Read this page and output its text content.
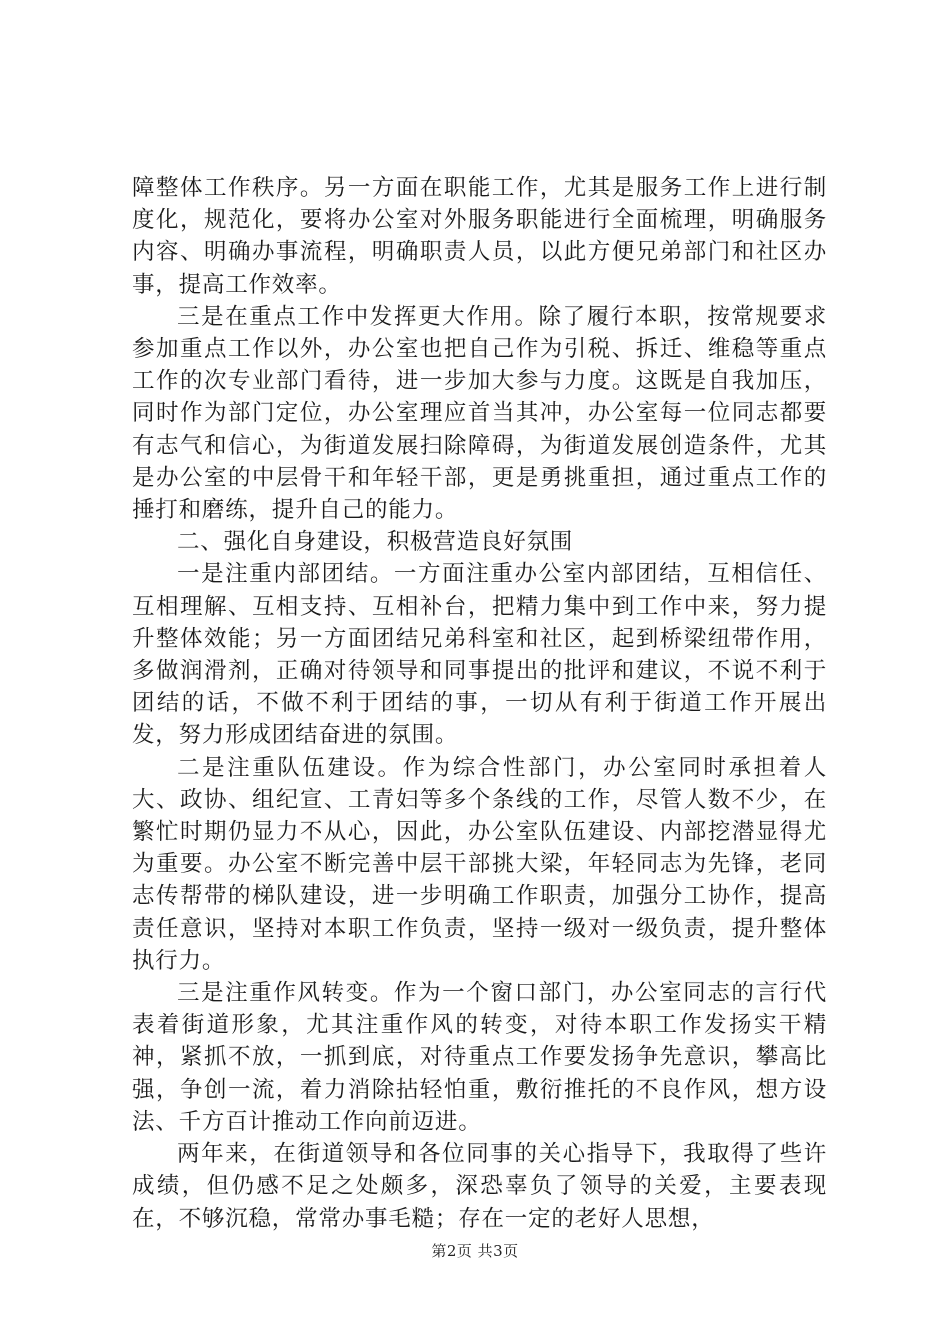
障整体工作秩序。另一方面在职能工作，尤其是服务工作上进行制度化，规范化，要将办公室对外服务职能进行全面梳理，明确服务内容、明确办事流程，明确职责人员，以此方便兄弟部门和社区办事，提高工作效率。

三是在重点工作中发挥更大作用。除了履行本职，按常规要求参加重点工作以外，办公室也把自己作为引税、拆迁、维稳等重点工作的次专业部门看待，进一步加大参与力度。这既是自我加压，同时作为部门定位，办公室理应首当其冲，办公室每一位同志都要有志气和信心，为街道发展扫除障碍，为街道发展创造条件，尤其是办公室的中层骨干和年轻干部，更是勇挑重担，通过重点工作的捶打和磨练，提升自己的能力。

二、强化自身建设，积极营造良好氛围

一是注重内部团结。一方面注重办公室内部团结，互相信任、互相理解、互相支持、互相补台，把精力集中到工作中来，努力提升整体效能；另一方面团结兄弟科室和社区，起到桥梁纽带作用，多做润滑剂，正确对待领导和同事提出的批评和建议，不说不利于团结的话，不做不利于团结的事，一切从有利于街道工作开展出发，努力形成团结奋进的氛围。

二是注重队伍建设。作为综合性部门，办公室同时承担着人大、政协、组纪宣、工青妇等多个条线的工作，尽管人数不少，在繁忙时期仍显力不从心，因此，办公室队伍建设、内部挖潜显得尤为重要。办公室不断完善中层干部挑大梁，年轻同志为先锋，老同志传帮带的梯队建设，进一步明确工作职责，加强分工协作，提高责任意识，坚持对本职工作负责，坚持一级对一级负责，提升整体执行力。

三是注重作风转变。作为一个窗口部门，办公室同志的言行代表着街道形象，尤其注重作风的转变，对待本职工作发扬实干精神，紧抓不放，一抓到底，对待重点工作要发扬争先意识，攀高比强，争创一流，着力消除拈轻怕重，敷衍推托的不良作风，想方设法、千方百计推动工作向前迈进。

两年来，在街道领导和各位同事的关心指导下，我取得了些许成绩，但仍感不足之处颇多，深恐辜负了领导的关爱，主要表现在，不够沉稳，常常办事毛糙；存在一定的老好人思想，

第2页 共3页
